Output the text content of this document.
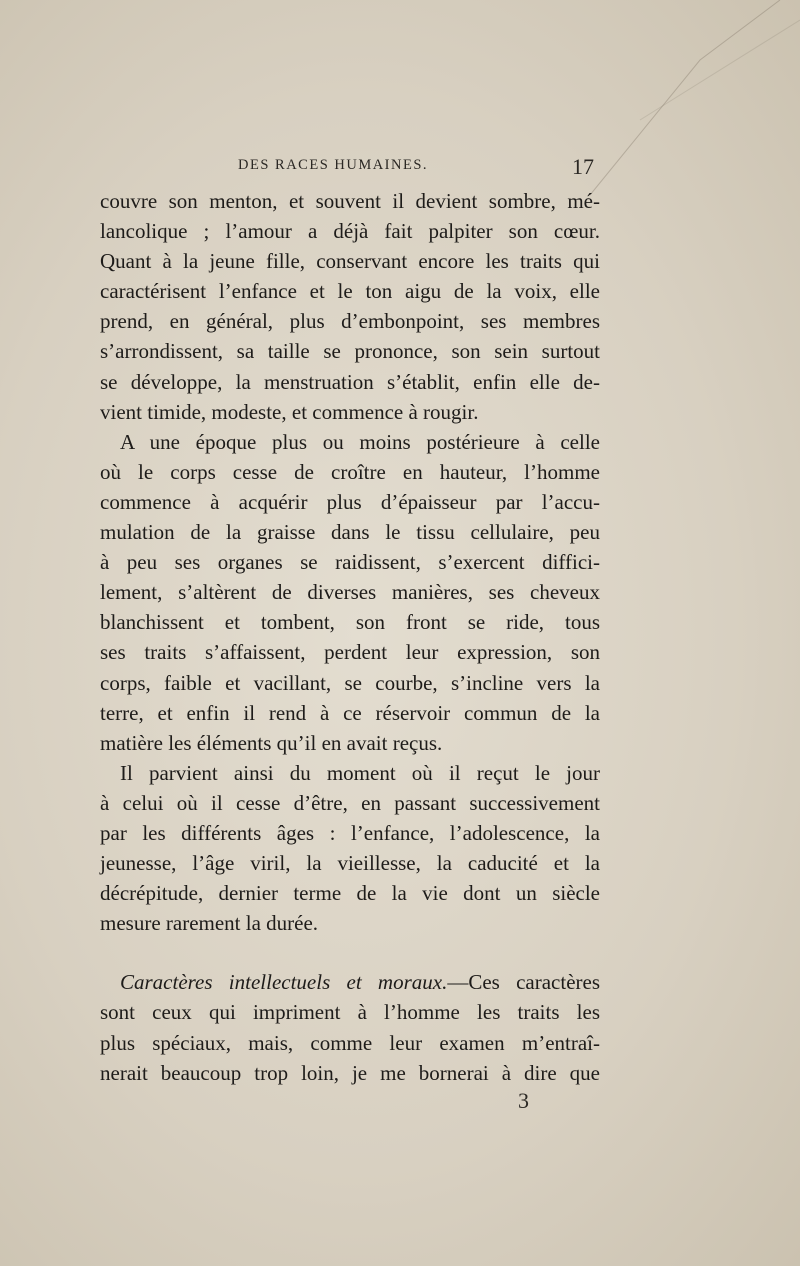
DES RACES HUMAINES.	17
couvre son menton, et souvent il devient sombre, mé-
lancolique ; l’amour a déjà fait palpiter son cœur.
Quant à la jeune fille, conservant encore les traits qui
caractérisent l’enfance et le ton aigu de la voix, elle
prend, en général, plus d’embonpoint, ses membres
s’arrondissent, sa taille se prononce, son sein surtout
se développe, la menstruation s’établit, enfin elle de-
vient timide, modeste, et commence à rougir.
A une époque plus ou moins postérieure à celle
où le corps cesse de croître en hauteur, l’homme
commence à acquérir plus d’épaisseur par l’accu-
mulation de la graisse dans le tissu cellulaire, peu
à peu ses organes se raidissent, s’exercent diffici-
lement, s’altèrent de diverses manières, ses cheveux
blanchissent et tombent, son front se ride, tous
ses traits s’affaissent, perdent leur expression, son
corps, faible et vacillant, se courbe, s’incline vers la
terre, et enfin il rend à ce réservoir commun de la
matière les éléments qu’il en avait reçus.
Il parvient ainsi du moment où il reçut le jour
à celui où il cesse d’être, en passant successivement
par les différents âges : l’enfance, l’adolescence, la
jeunesse, l’âge viril, la vieillesse, la caducité et la
décrépitude, dernier terme de la vie dont un siècle
mesure rarement la durée.
Caractères intellectuels et moraux.—Ces caractères
sont ceux qui impriment à l’homme les traits les
plus spéciaux, mais, comme leur examen m’entraî-
nerait beaucoup trop loin, je me bornerai à dire que
3
